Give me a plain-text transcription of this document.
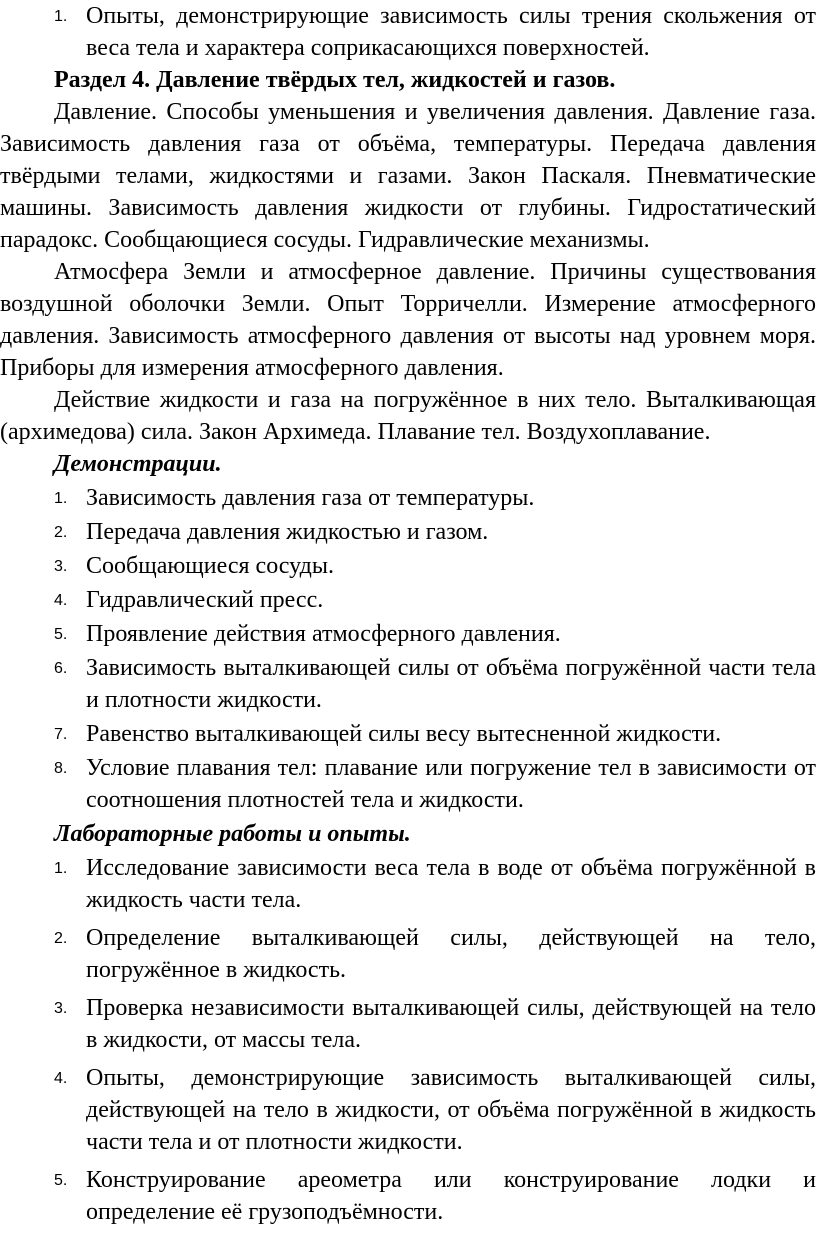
1. Опыты, демонстрирующие зависимость силы трения скольжения от веса тела и характера соприкасающихся поверхностей.

Раздел 4. Давление твёрдых тел, жидкостей и газов.

Давление. Способы уменьшения и увеличения давления. Давление газа. Зависимость давления газа от объёма, температуры. Передача давления твёрдыми телами, жидкостями и газами. Закон Паскаля. Пневматические машины. Зависимость давления жидкости от глубины. Гидростатический парадокс. Сообщающиеся сосуды. Гидравлические механизмы.

Атмосфера Земли и атмосферное давление. Причины существования воздушной оболочки Земли. Опыт Торричелли. Измерение атмосферного давления. Зависимость атмосферного давления от высоты над уровнем моря. Приборы для измерения атмосферного давления.

Действие жидкости и газа на погружённое в них тело. Выталкивающая (архимедова) сила. Закон Архимеда. Плавание тел. Воздухоплавание.

Демонстрации.

1. Зависимость давления газа от температуры.
2. Передача давления жидкостью и газом.
3. Сообщающиеся сосуды.
4. Гидравлический пресс.
5. Проявление действия атмосферного давления.
6. Зависимость выталкивающей силы от объёма погружённой части тела и плотности жидкости.
7. Равенство выталкивающей силы весу вытесненной жидкости.
8. Условие плавания тел: плавание или погружение тел в зависимости от соотношения плотностей тела и жидкости.

Лабораторные работы и опыты.

1. Исследование зависимости веса тела в воде от объёма погружённой в жидкость части тела.
2. Определение выталкивающей силы, действующей на тело, погружённое в жидкость.
3. Проверка независимости выталкивающей силы, действующей на тело в жидкости, от массы тела.
4. Опыты, демонстрирующие зависимость выталкивающей силы, действующей на тело в жидкости, от объёма погружённой в жидкость части тела и от плотности жидкости.
5. Конструирование ареометра или конструирование лодки и определение её грузоподъёмности.
